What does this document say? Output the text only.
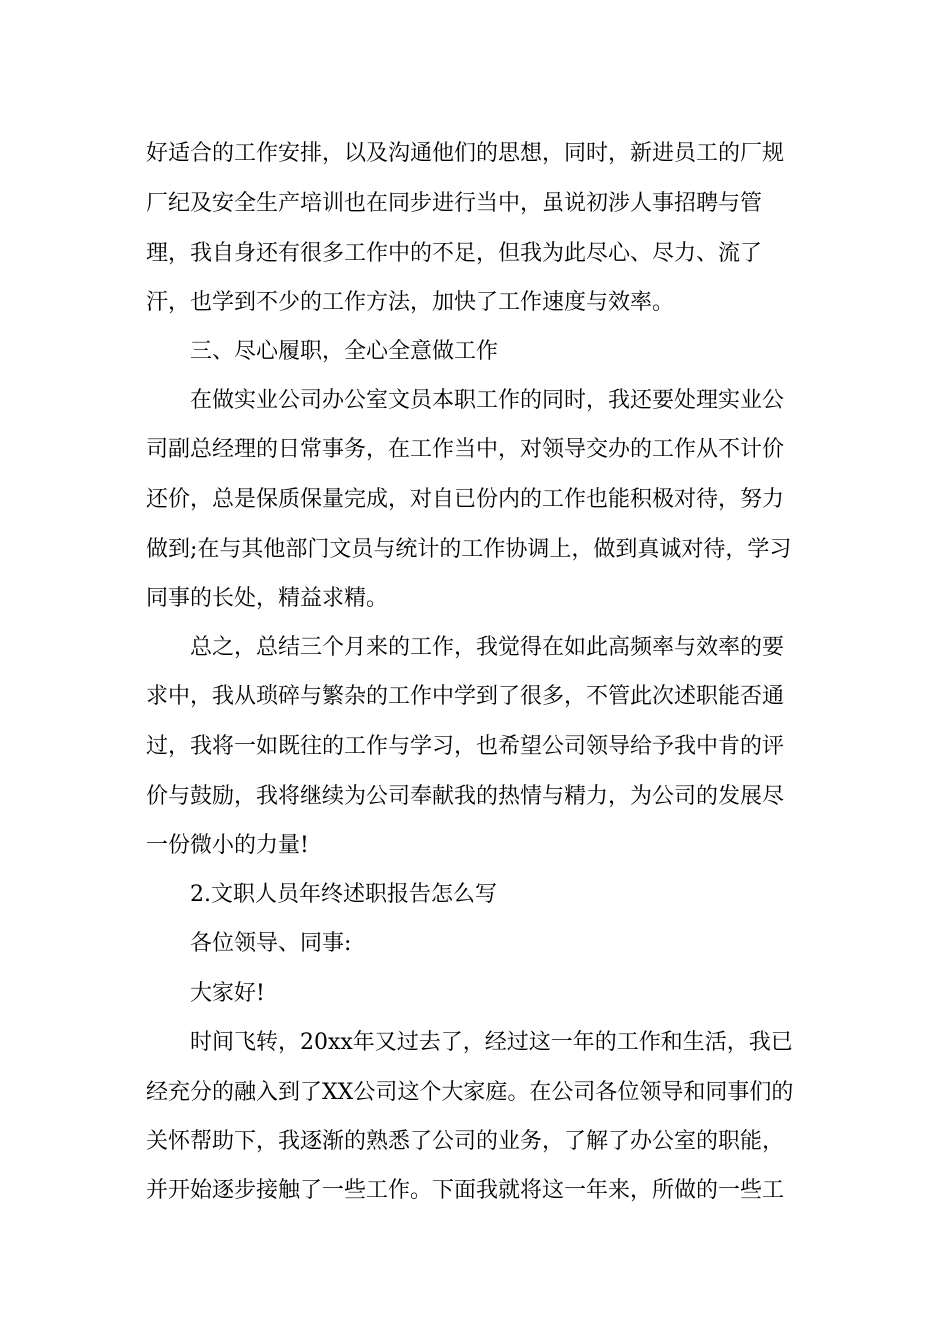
好适合的工作安排，以及沟通他们的思想，同时，新进员工的厂规
厂纪及安全生产培训也在同步进行当中，虽说初涉人事招聘与管
理，我自身还有很多工作中的不足，但我为此尽心、尽力、流了
汗，也学到不少的工作方法，加快了工作速度与效率。
三、尽心履职，全心全意做工作
在做实业公司办公室文员本职工作的同时，我还要处理实业公
司副总经理的日常事务，在工作当中，对领导交办的工作从不计价
还价，总是保质保量完成，对自已份内的工作也能积极对待，努力
做到;在与其他部门文员与统计的工作协调上，做到真诚对待，学习
同事的长处，精益求精。
总之，总结三个月来的工作，我觉得在如此高频率与效率的要
求中，我从琐碎与繁杂的工作中学到了很多，不管此次述职能否通
过，我将一如既往的工作与学习，也希望公司领导给予我中肯的评
价与鼓励，我将继续为公司奉献我的热情与精力，为公司的发展尽
一份微小的力量!
2.文职人员年终述职报告怎么写
各位领导、同事:
大家好!
时间飞转，20xx年又过去了，经过这一年的工作和生活，我已
经充分的融入到了XX公司这个大家庭。在公司各位领导和同事们的
关怀帮助下，我逐渐的熟悉了公司的业务，了解了办公室的职能，
并开始逐步接触了一些工作。下面我就将这一年来，所做的一些工
